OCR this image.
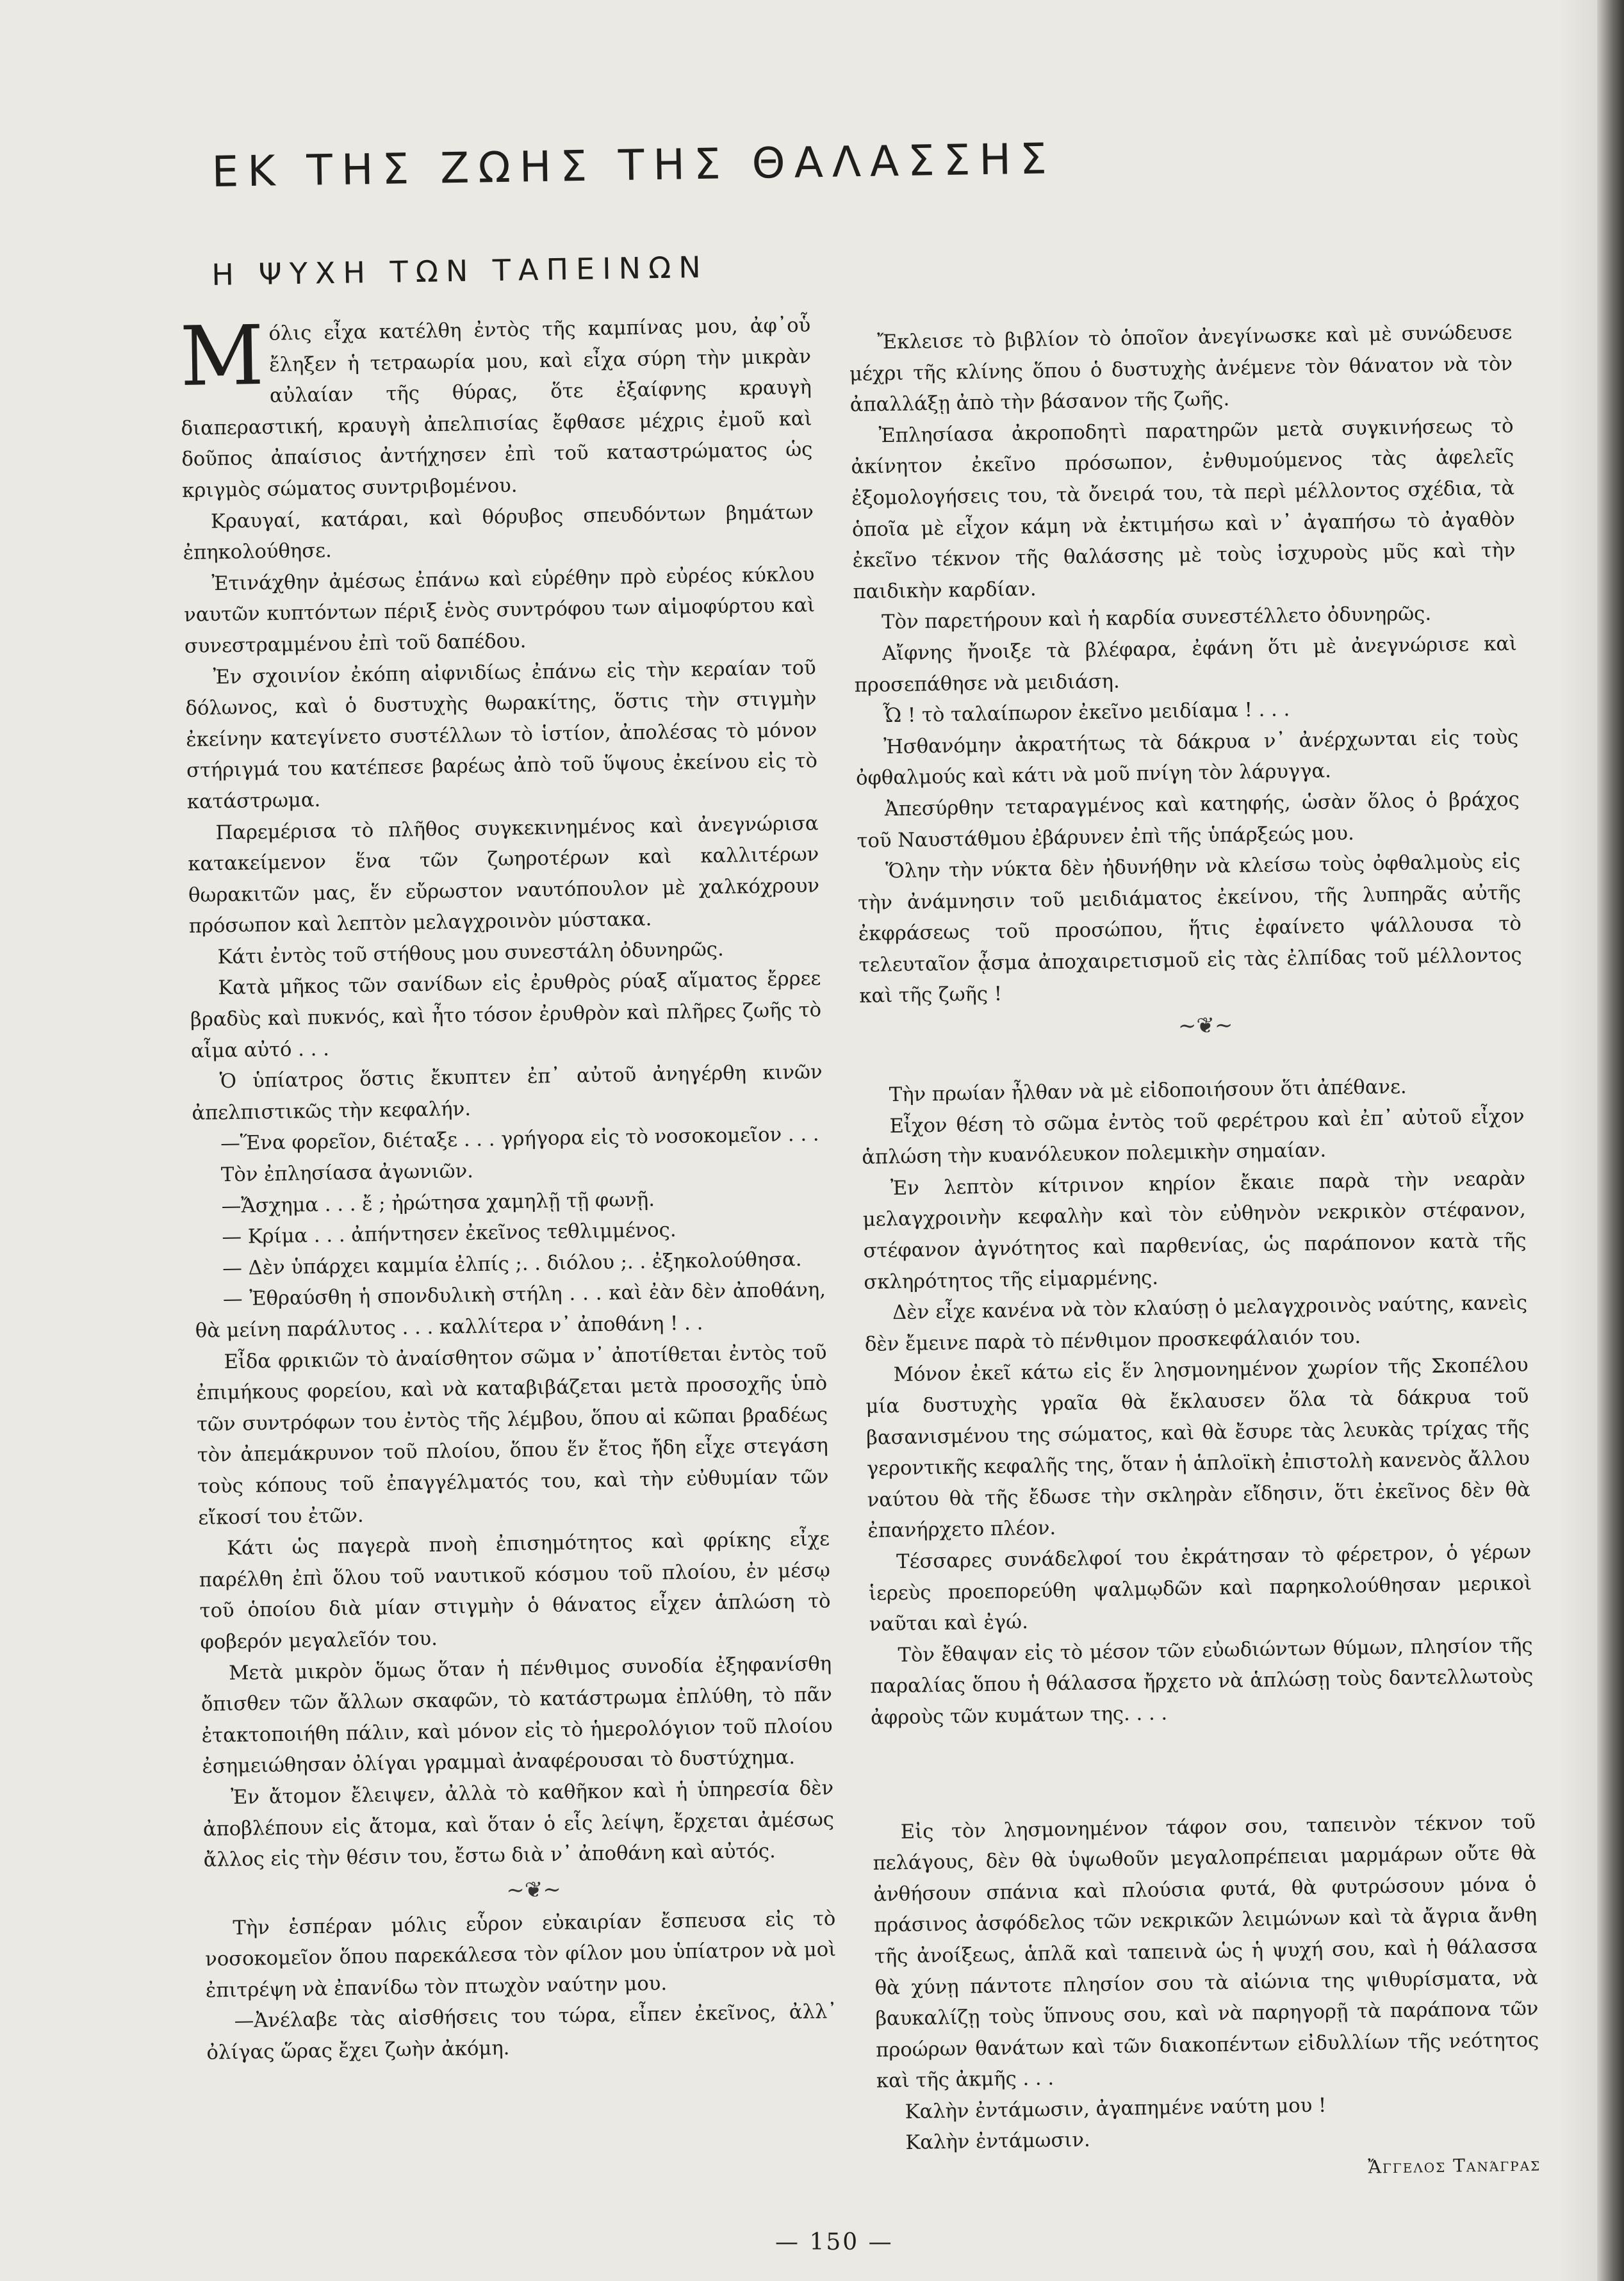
ΕΚ ΤΗΣ ΖΩΗΣ ΤΗΣ ΘΑΛΑΣΣΗΣ
Η ΨΥΧΗ ΤΩΝ ΤΑΠΕΙΝΩΝ

Μόλις εἶχα κατέλθη ἐντὸς τῆς καμπίνας μου, ἀφ᾿οὗ ἔληξεν ἡ τετραωρία μου, καὶ εἶχα σύρη τὴν μικρὰν αὐλαίαν τῆς θύρας, ὅτε ἐξαίφνης κραυγὴ διαπεραστική, κραυγὴ ἀπελπισίας ἔφθασε μέχρις ἐμοῦ καὶ δοῦπος ἀπαίσιος ἀντήχησεν ἐπὶ τοῦ καταστρώματος ὡς κριγμὸς σώματος συντριβομένου.

Κραυγαί, κατάραι, καὶ θόρυβος σπευδόντων βημάτων ἐπηκολούθησε.

Ἐτινάχθην ἀμέσως ἐπάνω καὶ εὑρέθην πρὸ εὐρέος κύκλου ναυτῶν κυπτόντων πέριξ ἑνὸς συντρόφου των αἱμοφύρτου καὶ συνεστραμμένου ἐπὶ τοῦ δαπέδου.

Ἐν σχοινίον ἐκόπη αἰφνιδίως ἐπάνω εἰς τὴν κεραίαν τοῦ δόλωνος, καὶ ὁ δυστυχὴς θωρακίτης, ὅστις τὴν στιγμὴν ἐκείνην κατεγίνετο συστέλλων τὸ ἱστίον, ἀπολέσας τὸ μόνον στήριγμά του κατέπεσε βαρέως ἀπὸ τοῦ ὕψους ἐκείνου εἰς τὸ κατάστρωμα.

Παρεμέρισα τὸ πλῆθος συγκεκινημένος καὶ ἀνεγνώρισα κατακείμενον ἕνα τῶν ζωηροτέρων καὶ καλλιτέρων θωρακιτῶν μας, ἕν εὔρωστον ναυτόπουλον μὲ χαλκόχρουν πρόσωπον καὶ λεπτὸν μελαγχροινὸν μύστακα.

Κάτι ἐντὸς τοῦ στήθους μου συνεστάλη ὀδυνηρῶς.

Κατὰ μῆκος τῶν σανίδων εἰς ἐρυθρὸς ρύαξ αἵματος ἔρρεε βραδὺς καὶ πυκνός, καὶ ἦτο τόσον ἐρυθρὸν καὶ πλῆρες ζωῆς τὸ αἷμα αὐτό . . .

Ὁ ὑπίατρος ὅστις ἔκυπτεν ἐπ᾿ αὐτοῦ ἀνηγέρθη κινῶν ἀπελπιστικῶς τὴν κεφαλήν.

—Ἕνα φορεῖον, διέταξε . . . γρήγορα εἰς τὸ νοσοκομεῖον . . .

Τὸν ἐπλησίασα ἀγωνιῶν.

—Ἄσχημα . . . ἔ ; ἠρώτησα χαμηλῇ τῇ φωνῇ.

— Κρίμα . . . ἀπήντησεν ἐκεῖνος τεθλιμμένος.

— Δὲν ὑπάρχει καμμία ἐλπίς ;. . διόλου ;. . ἐξηκολούθησα.

— Ἐθραύσθη ἡ σπονδυλικὴ στήλη . . . καὶ ἐὰν δὲν ἀποθάνη, θὰ μείνη παράλυτος . . . καλλίτερα ν᾿ ἀποθάνη ! . .

Εἶδα φρικιῶν τὸ ἀναίσθητον σῶμα ν᾿ ἀποτίθεται ἐντὸς τοῦ ἐπιμήκους φορείου, καὶ νὰ καταβιβάζεται μετὰ προσοχῆς ὑπὸ τῶν συντρόφων του ἐντὸς τῆς λέμβου, ὅπου αἱ κῶπαι βραδέως τὸν ἀπεμάκρυνον τοῦ πλοίου, ὅπου ἕν ἔτος ἤδη εἶχε στεγάση τοὺς κόπους τοῦ ἐπαγγέλματός του, καὶ τὴν εὐθυμίαν τῶν εἴκοσί του ἐτῶν.

Κάτι ὡς παγερὰ πνοὴ ἐπισημότητος καὶ φρίκης εἶχε παρέλθη ἐπὶ ὅλου τοῦ ναυτικοῦ κόσμου τοῦ πλοίου, ἐν μέσῳ τοῦ ὁποίου διὰ μίαν στιγμὴν ὁ θάνατος εἶχεν ἁπλώση τὸ φοβερόν μεγαλεῖόν του.

Μετὰ μικρὸν ὅμως ὅταν ἡ πένθιμος συνοδία ἐξηφανίσθη ὄπισθεν τῶν ἄλλων σκαφῶν, τὸ κατάστρωμα ἐπλύθη, τὸ πᾶν ἐτακτοποιήθη πάλιν, καὶ μόνον εἰς τὸ ἡμερολόγιον τοῦ πλοίου ἐσημειώθησαν ὀλίγαι γραμμαὶ ἀναφέρουσαι τὸ δυστύχημα.

Ἐν ἄτομον ἔλειψεν, ἀλλὰ τὸ καθῆκον καὶ ἡ ὑπηρεσία δὲν ἀποβλέπουν εἰς ἄτομα, καὶ ὅταν ὁ εἷς λείψη, ἔρχεται ἀμέσως ἄλλος εἰς τὴν θέσιν του, ἔστω διὰ ν᾿ ἀποθάνη καὶ αὐτός.

~❦~

Τὴν ἑσπέραν μόλις εὗρον εὐκαιρίαν ἔσπευσα εἰς τὸ νοσοκομεῖον ὅπου παρεκάλεσα τὸν φίλον μου ὑπίατρον νὰ μοὶ ἐπιτρέψη νὰ ἐπανίδω τὸν πτωχὸν ναύτην μου.

—Ἀνέλαβε τὰς αἰσθήσεις του τώρα, εἶπεν ἐκεῖνος, ἀλλ᾿ ὀλίγας ὥρας ἔχει ζωὴν ἀκόμη.

Ἔκλεισε τὸ βιβλίον τὸ ὁποῖον ἀνεγίνωσκε καὶ μὲ συνώδευσε μέχρι τῆς κλίνης ὅπου ὁ δυστυχὴς ἀνέμενε τὸν θάνατον νὰ τὸν ἀπαλλάξῃ ἀπὸ τὴν βάσανον τῆς ζωῆς.

Ἐπλησίασα ἀκροποδητὶ παρατηρῶν μετὰ συγκινήσεως τὸ ἀκίνητον ἐκεῖνο πρόσωπον, ἐνθυμούμενος τὰς ἀφελεῖς ἐξομολογήσεις του, τὰ ὄνειρά του, τὰ περὶ μέλλοντος σχέδια, τὰ ὁποῖα μὲ εἶχον κάμη νὰ ἐκτιμήσω καὶ ν᾿ ἀγαπήσω τὸ ἀγαθὸν ἐκεῖνο τέκνον τῆς θαλάσσης μὲ τοὺς ἰσχυροὺς μῦς καὶ τὴν παιδικὴν καρδίαν.

Τὸν παρετήρουν καὶ ἡ καρδία συνεστέλλετο ὀδυνηρῶς.

Αἴφνης ἤνοιξε τὰ βλέφαρα, ἐφάνη ὅτι μὲ ἀνεγνώρισε καὶ προσεπάθησε νὰ μειδιάση.

Ὦ ! τὸ ταλαίπωρον ἐκεῖνο μειδίαμα ! . . .

Ἠσθανόμην ἀκρατήτως τὰ δάκρυα ν᾿ ἀνέρχωνται εἰς τοὺς ὀφθαλμούς καὶ κάτι νὰ μοῦ πνίγη τὸν λάρυγγα.

Ἀπεσύρθην τεταραγμένος καὶ κατηφής, ὡσὰν ὅλος ὁ βράχος τοῦ Ναυστάθμου ἐβάρυνεν ἐπὶ τῆς ὑπάρξεώς μου.

Ὅλην τὴν νύκτα δὲν ἠδυνήθην νὰ κλείσω τοὺς ὀφθαλμοὺς εἰς τὴν ἀνάμνησιν τοῦ μειδιάματος ἐκείνου, τῆς λυπηρᾶς αὐτῆς ἐκφράσεως τοῦ προσώπου, ἥτις ἐφαίνετο ψάλλουσα τὸ τελευταῖον ᾆσμα ἀποχαιρετισμοῦ εἰς τὰς ἐλπίδας τοῦ μέλλοντος καὶ τῆς ζωῆς !

~❦~

Τὴν πρωίαν ἦλθαν νὰ μὲ εἰδοποιήσουν ὅτι ἀπέθανε.

Εἶχον θέση τὸ σῶμα ἐντὸς τοῦ φερέτρου καὶ ἐπ᾿ αὐτοῦ εἶχον ἁπλώση τὴν κυανόλευκον πολεμικὴν σημαίαν.

Ἐν λεπτὸν κίτρινον κηρίον ἔκαιε παρὰ τὴν νεαρὰν μελαγχροινὴν κεφαλὴν καὶ τὸν εὐθηνὸν νεκρικὸν στέφανον, στέφανον ἀγνότητος καὶ παρθενίας, ὡς παράπονον κατὰ τῆς σκληρότητος τῆς εἱμαρμένης.

Δὲν εἶχε κανένα νὰ τὸν κλαύσῃ ὁ μελαγχροινὸς ναύτης, κανεὶς δὲν ἔμεινε παρὰ τὸ πένθιμον προσκεφάλαιόν του.

Μόνον ἐκεῖ κάτω εἰς ἕν λησμονημένον χωρίον τῆς Σκοπέλου μία δυστυχὴς γραῖα θὰ ἔκλαυσεν ὅλα τὰ δάκρυα τοῦ βασανισμένου της σώματος, καὶ θὰ ἔσυρε τὰς λευκὰς τρίχας τῆς γεροντικῆς κεφαλῆς της, ὅταν ἡ ἁπλοϊκὴ ἐπιστολὴ κανενὸς ἄλλου ναύτου θὰ τῆς ἔδωσε τὴν σκληρὰν εἴδησιν, ὅτι ἐκεῖνος δὲν θὰ ἐπανήρχετο πλέον.

Τέσσαρες συνάδελφοί του ἐκράτησαν τὸ φέρετρον, ὁ γέρων ἱερεὺς προεπορεύθη ψαλμῳδῶν καὶ παρηκολούθησαν μερικοὶ ναῦται καὶ ἐγώ.

Τὸν ἔθαψαν εἰς τὸ μέσον τῶν εὐωδιώντων θύμων, πλησίον τῆς παραλίας ὅπου ἡ θάλασσα ἤρχετο νὰ ἁπλώσῃ τοὺς δαντελλωτοὺς ἀφροὺς τῶν κυμάτων της. . . .

Εἰς τὸν λησμονημένον τάφον σου, ταπεινὸν τέκνον τοῦ πελάγους, δὲν θὰ ὑψωθοῦν μεγαλοπρέπειαι μαρμάρων οὔτε θὰ ἀνθήσουν σπάνια καὶ πλούσια φυτά, θὰ φυτρώσουν μόνα ὁ πράσινος ἀσφόδελος τῶν νεκρικῶν λειμώνων καὶ τὰ ἄγρια ἄνθη τῆς ἀνοίξεως, ἁπλᾶ καὶ ταπεινὰ ὡς ἡ ψυχή σου, καὶ ἡ θάλασσα θὰ χύνῃ πάντοτε πλησίον σου τὰ αἰώνια της ψιθυρίσματα, νὰ βαυκαλίζῃ τοὺς ὕπνους σου, καὶ νὰ παρηγορῇ τὰ παράπονα τῶν προώρων θανάτων καὶ τῶν διακοπέντων εἰδυλλίων τῆς νεότητος καὶ τῆς ἀκμῆς . . .

Καλὴν ἐντάμωσιν, ἀγαπημένε ναύτη μου !

Καλὴν ἐντάμωσιν.

Ἄγγελος Τανάγρας

— 150 —
